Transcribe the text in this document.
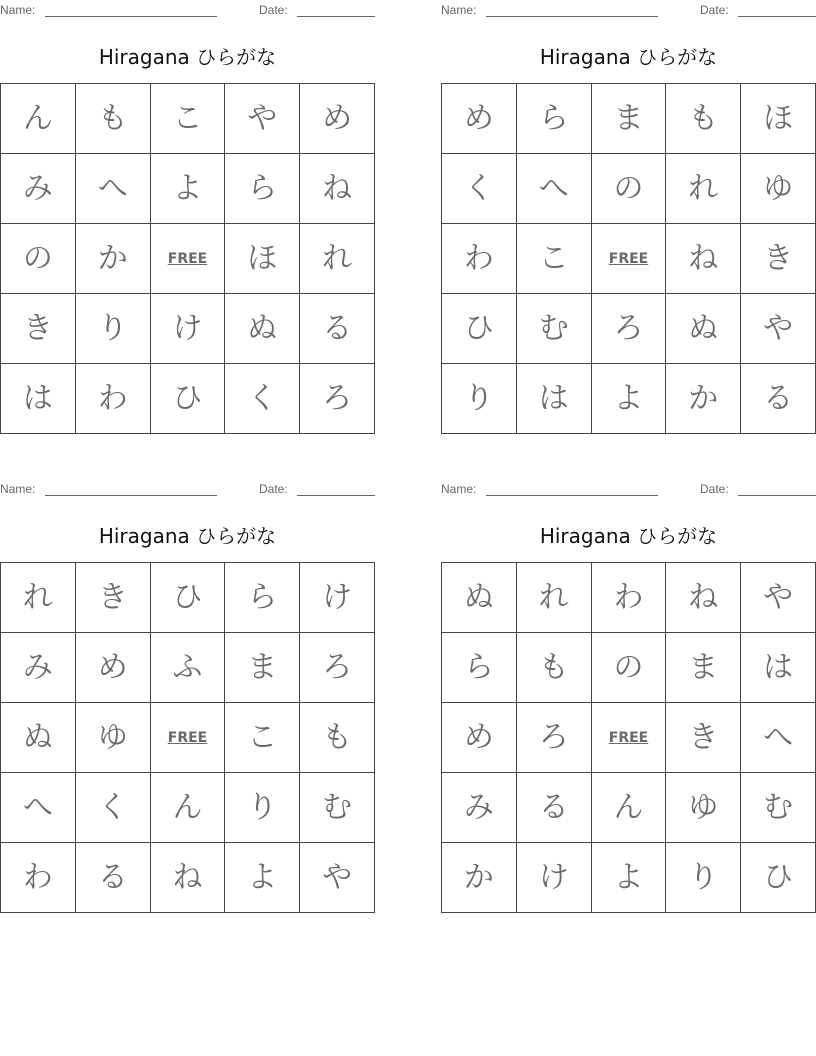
Name:	Date:
Hiragana ひらがな
ん	も	こ	や	め
み	へ	よ	ら	ね
の	か	FREE	ほ	れ
き	り	け	ぬ	る
は	わ	ひ	く	ろ
Name:	Date:
Hiragana ひらがな
め	ら	ま	も	ほ
く	へ	の	れ	ゆ
わ	こ	FREE	ね	き
ひ	む	ろ	ぬ	や
り	は	よ	か	る
Name:	Date:
Hiragana ひらがな
れ	き	ひ	ら	け
み	め	ふ	ま	ろ
ぬ	ゆ	FREE	こ	も
へ	く	ん	り	む
わ	る	ね	よ	や
Name:	Date:
Hiragana ひらがな
ぬ	れ	わ	ね	や
ら	も	の	ま	は
め	ろ	FREE	き	へ
み	る	ん	ゆ	む
か	け	よ	り	ひ
